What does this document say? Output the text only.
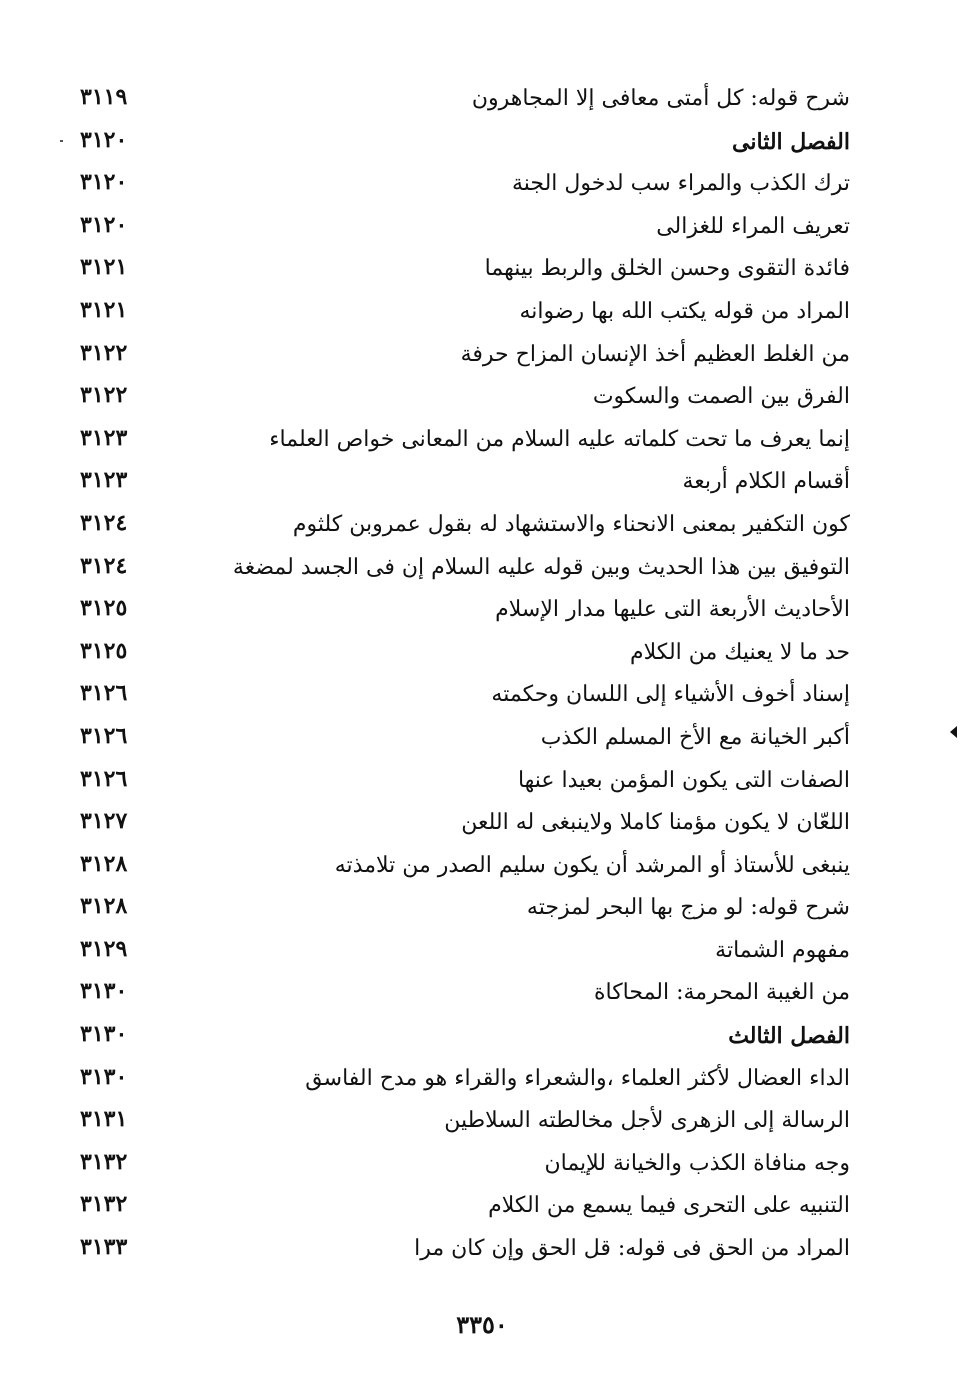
شرح قوله: كل أمتى معافى إلا المجاهرون
٣١١٩
الفصل الثانى
٣١٢٠
ترك الكذب والمراء سب لدخول الجنة
٣١٢٠
تعريف المراء للغزالى
٣١٢٠
فائدة التقوى وحسن الخلق والربط بينهما
٣١٢١
المراد من قوله يكتب الله بها رضوانه
٣١٢١
من الغلط العظيم أخذ الإنسان المزاح حرفة
٣١٢٢
الفرق بين الصمت والسكوت
٣١٢٢
إنما يعرف ما تحت كلماته عليه السلام من المعانى خواص العلماء
٣١٢٣
أقسام الكلام أربعة
٣١٢٣
كون التكفير بمعنى الانحناء والاستشهاد له بقول عمروبن كلثوم
٣١٢٤
التوفيق بين هذا الحديث وبين قوله عليه السلام إن فى الجسد لمضغة
٣١٢٤
الأحاديث الأربعة التى عليها مدار الإسلام
٣١٢٥
حد ما لا يعنيك من الكلام
٣١٢٥
إسناد أخوف الأشياء إلى اللسان وحكمته
٣١٢٦
أكبر الخيانة مع الأخ المسلم الكذب
٣١٢٦
الصفات التى يكون المؤمن بعيدا عنها
٣١٢٦
اللعّان لا يكون مؤمنا كاملا ولاينبغى له اللعن
٣١٢٧
ينبغى للأستاذ أو المرشد أن يكون سليم الصدر من تلامذته
٣١٢٨
شرح قوله: لو مزج بها البحر لمزجته
٣١٢٨
مفهوم الشماتة
٣١٢٩
من الغيبة المحرمة: المحاكاة
٣١٣٠
الفصل الثالث
٣١٣٠
الداء العضال لأكثر العلماء ،والشعراء والقراء هو مدح الفاسق
٣١٣٠
الرسالة إلى الزهرى لأجل مخالطته السلاطين
٣١٣١
وجه منافاة الكذب والخيانة للإيمان
٣١٣٢
التنبيه على التحرى فيما يسمع من الكلام
٣١٣٢
المراد من الحق فى قوله: قل الحق وإن كان مرا
٣١٣٣
٣٣٥٠
